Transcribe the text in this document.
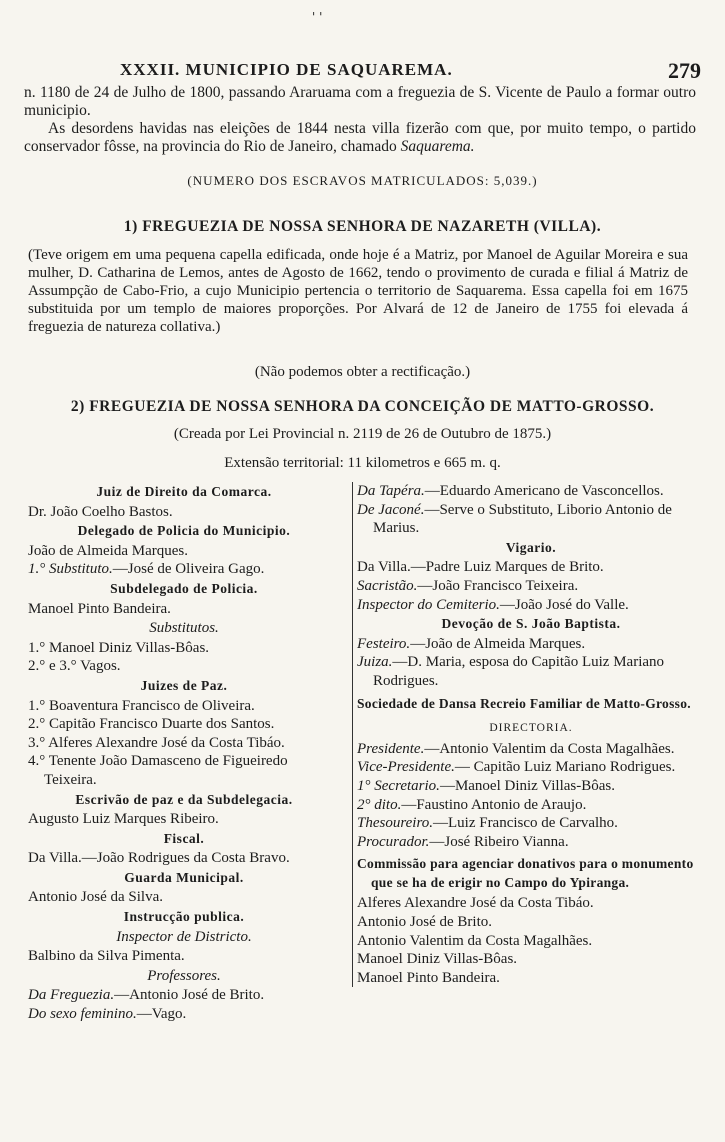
' '
XXXII. MUNICIPIO DE SAQUAREMA.	279

n. 1180 de 24 de Julho de 1800, passando Araruama com a freguezia de S. Vicente de Paulo a formar outro municipio.

As desordens havidas nas eleições de 1844 nesta villa fizerão com que, por muito tempo, o partido conservador fôsse, na provincia do Rio de Janeiro, chamado Saquarema.

(NUMERO DOS ESCRAVOS MATRICULADOS: 5,039.)
1) FREGUEZIA DE NOSSA SENHORA DE NAZARETH (VILLA).
(Teve origem em uma pequena capella edificada, onde hoje é a Matriz, por Manoel de Aguilar Moreira e sua mulher, D. Catharina de Lemos, antes de Agosto de 1662, tendo o provimento de curada e filial á Matriz de Assumpção de Cabo-Frio, a cujo Municipio pertencia o territorio de Saquarema. Essa capella foi em 1675 substituida por um templo de maiores proporções. Por Alvará de 12 de Janeiro de 1755 foi elevada á freguezia de natureza collativa.)
(Não podemos obter a rectificação.)
2) FREGUEZIA DE NOSSA SENHORA DA CONCEIÇÃO DE MATTO-GROSSO.
(Creada por Lei Provincial n. 2119 de 26 de Outubro de 1875.)
Extensão territorial: 11 kilometros e 665 m. q.
Juiz de Direito da Comarca.

Dr. João Coelho Bastos.

Delegado de Policia do Municipio.

João de Almeida Marques.

1.° Substituto.—José de Oliveira Gago.

Subdelegado de Policia.

Manoel Pinto Bandeira.

Substitutos.

1.° Manoel Diniz Villas-Bôas.

2.° e 3.° Vagos.

Juizes de Paz.

1.° Boaventura Francisco de Oliveira.

2.° Capitão Francisco Duarte dos Santos.

3.° Alferes Alexandre José da Costa Tibáo.

4.° Tenente João Damasceno de Figueiredo Teixeira.

Escrivão de paz e da Subdelegacia.

Augusto Luiz Marques Ribeiro.

Fiscal.

Da Villa.—João Rodrigues da Costa Bravo.

Guarda Municipal.

Antonio José da Silva.

Instrucção publica.
Inspector de Districto.

Balbino da Silva Pimenta.

Professores.

Da Freguezia.—Antonio José de Brito.

Do sexo feminino.—Vago.

Da Tapéra.—Eduardo Americano de Vasconcellos.

De Jaconé.—Serve o Substituto, Liborio Antonio de Marius.

Vigario.

Da Villa.—Padre Luiz Marques de Brito.

Sacristão.—João Francisco Teixeira.

Inspector do Cemiterio.—João José do Valle.

Devoção de S. João Baptista.

Festeiro.—João de Almeida Marques.

Juiza.—D. Maria, esposa do Capitão Luiz Mariano Rodrigues.

Sociedade de Dansa Recreio Familiar de Matto-Grosso.
DIRECTORIA.

Presidente.—Antonio Valentim da Costa Magalhães.

Vice-Presidente.— Capitão Luiz Mariano Rodrigues.

1° Secretario.—Manoel Diniz Villas-Bôas.

2° dito.—Faustino Antonio de Araujo.

Thesoureiro.—Luiz Francisco de Carvalho.

Procurador.—José Ribeiro Vianna.

Commissão para agenciar donativos para o monumento que se ha de erigir no Campo do Ypiranga.

Alferes Alexandre José da Costa Tibáo.

Antonio José de Brito.

Antonio Valentim da Costa Magalhães.

Manoel Diniz Villas-Bôas.

Manoel Pinto Bandeira.
